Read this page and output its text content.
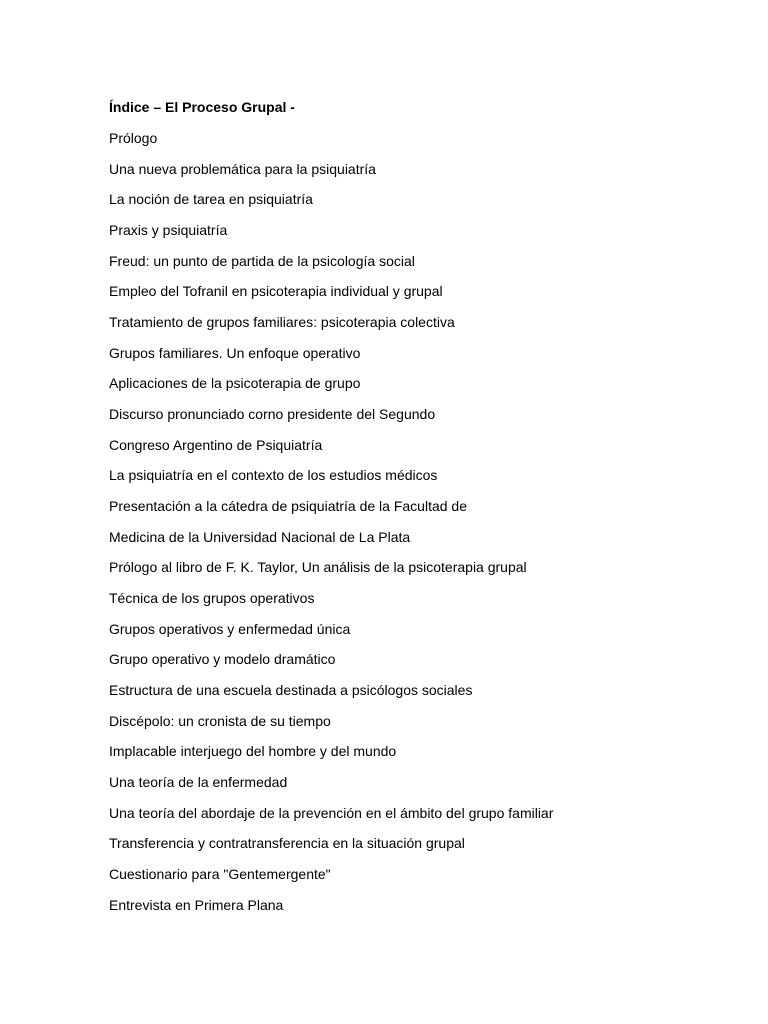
Índice – El Proceso Grupal -
Prólogo
Una nueva problemática para la psiquiatría
La noción de tarea en psiquiatría
Praxis y psiquiatría
Freud: un punto de partida de la psicología social
Empleo del Tofranil en psicoterapia individual y grupal
Tratamiento de grupos familiares: psicoterapia colectiva
Grupos familiares. Un enfoque operativo
Aplicaciones de la psicoterapia de grupo
Discurso pronunciado corno presidente del Segundo
Congreso Argentino de Psiquiatría
La psiquiatría en el contexto de los estudios médicos
Presentación a la cátedra de psiquiatría de la Facultad de
Medicina de la Universidad Nacional de La Plata
Prólogo al libro de F. K. Taylor, Un análisis de la psicoterapia grupal
Técnica de los grupos operativos
Grupos operativos y enfermedad única
Grupo operativo y modelo dramático
Estructura de una escuela destinada a psicólogos sociales
Discépolo: un cronista de su tiempo
Implacable interjuego del hombre y del mundo
Una teoría de la enfermedad
Una teoría del abordaje de la prevención en el ámbito del grupo familiar
Transferencia y contratransferencia en la situación grupal
Cuestionario para "Gentemergente"
Entrevista en Primera Plana
